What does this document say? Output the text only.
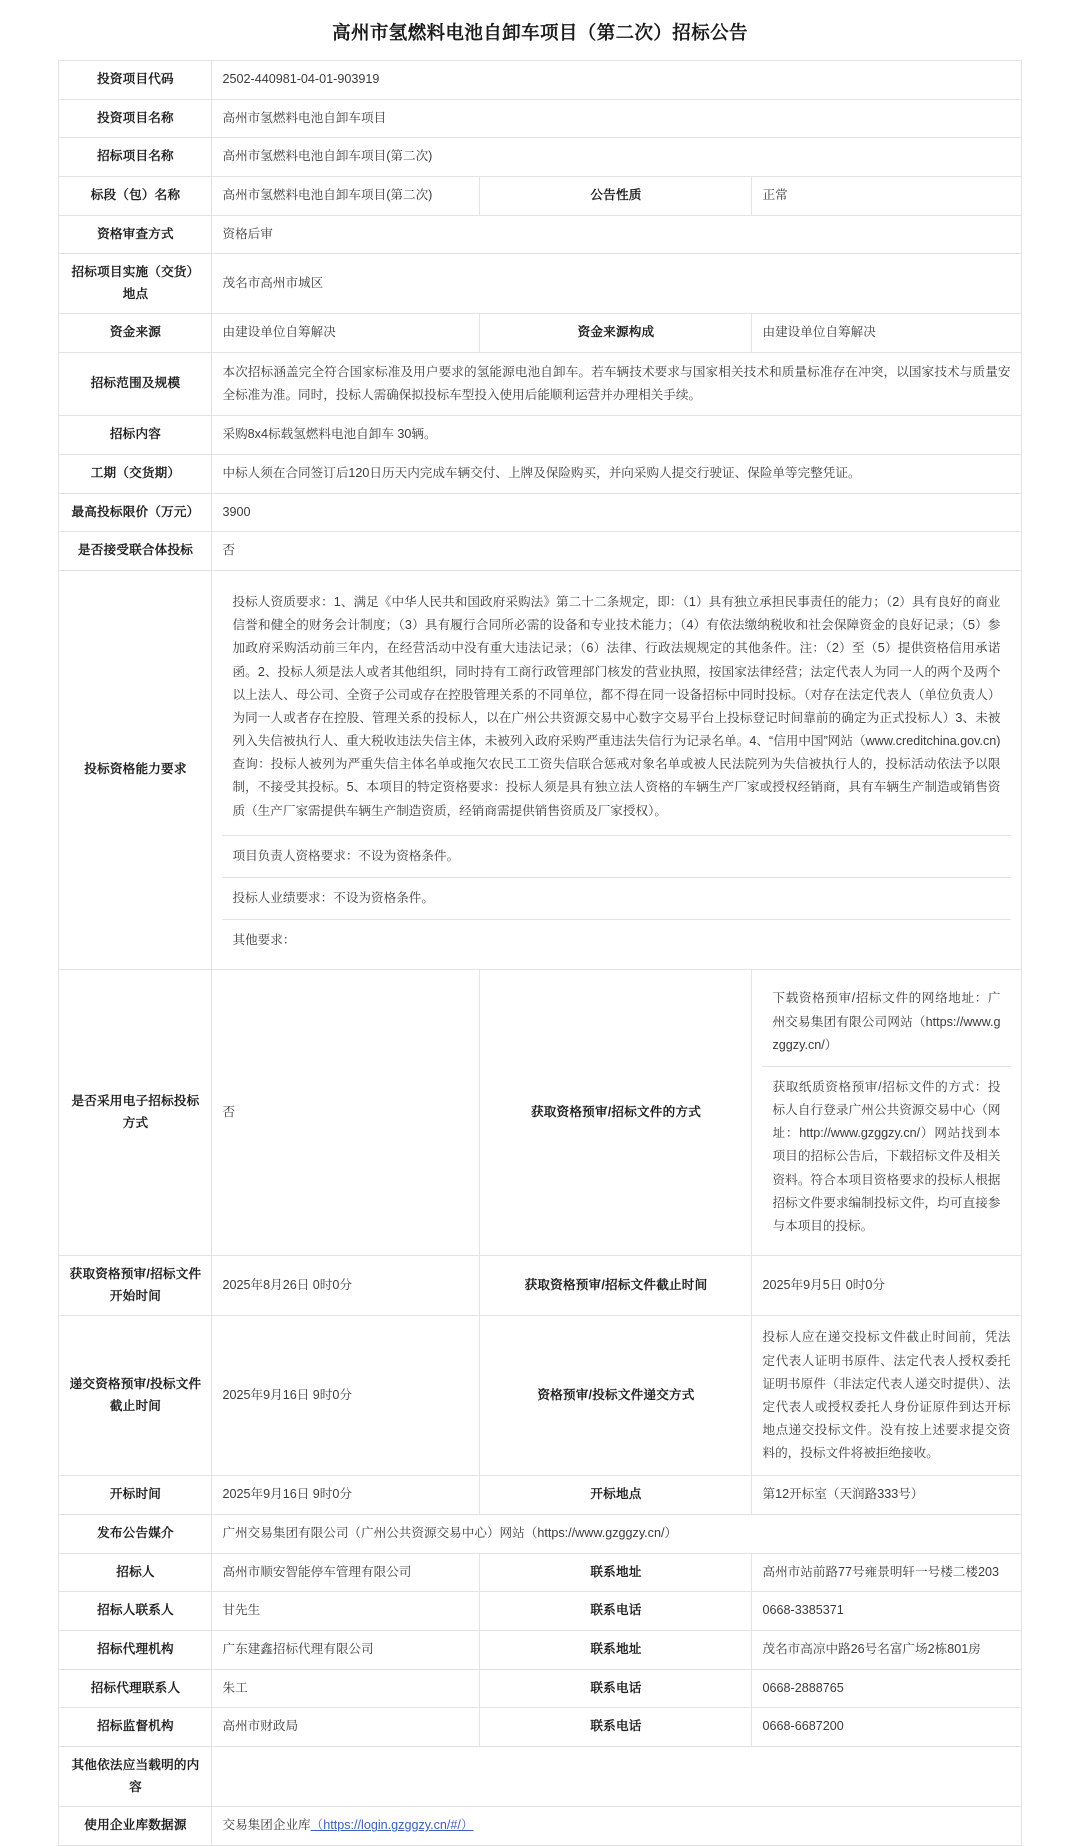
高州市氢燃料电池自卸车项目（第二次）招标公告
投资项目代码	2502-440981-04-01-903919
投资项目名称	高州市氢燃料电池自卸车项目
招标项目名称	高州市氢燃料电池自卸车项目(第二次)
标段（包）名称	高州市氢燃料电池自卸车项目(第二次)	公告性质	正常
资格审查方式	资格后审
招标项目实施（交货）地点	茂名市高州市城区
资金来源	由建设单位自筹解决	资金来源构成	由建设单位自筹解决
招标范围及规模	

本次招标涵盖完全符合国家标准及用户要求的氢能源电池自卸车。若车辆技术要求与国家相关技术和质量标准存在冲突，以国家技术与质量安全标准为准。同时，投标人需确保拟投标车型投入使用后能顺利运营并办理相关手续。

招标内容	采购8x4标载氢燃料电池自卸车 30辆。
工期（交货期）	中标人须在合同签订后120日历天内完成车辆交付、上牌及保险购买，并向采购人提交行驶证、保险单等完整凭证。
最高投标限价（万元）	3900
是否接受联合体投标	否
投标资格能力要求	

投标人资质要求：1、满足《中华人民共和国政府采购法》第二十二条规定，即：（1）具有独立承担民事责任的能力；（2）具有良好的商业信誉和健全的财务会计制度；（3）具有履行合同所必需的设备和专业技术能力；（4）有依法缴纳税收和社会保障资金的良好记录；（5）参加政府采购活动前三年内，在经营活动中没有重大违法记录；（6）法律、行政法规规定的其他条件。注：（2）至（5）提供资格信用承诺函。2、投标人须是法人或者其他组织，同时持有工商行政管理部门核发的营业执照，按国家法律经营；法定代表人为同一人的两个及两个以上法人、母公司、全资子公司或存在控股管理关系的不同单位，都不得在同一设备招标中同时投标。（对存在法定代表人（单位负责人）为同一人或者存在控股、管理关系的投标人，以在广州公共资源交易中心数字交易平台上投标登记时间靠前的确定为正式投标人）3、未被列入失信被执行人、重大税收违法失信主体，未被列入政府采购严重违法失信行为记录名单。4、“信用中国”网站（www.creditchina.gov.cn)查询：投标人被列为严重失信主体名单或拖欠农民工工资失信联合惩戒对象名单或被人民法院列为失信被执行人的，投标活动依法予以限制，不接受其投标。5、本项目的特定资格要求：投标人须是具有独立法人资格的车辆生产厂家或授权经销商，具有车辆生产制造或销售资质（生产厂家需提供车辆生产制造资质，经销商需提供销售资质及厂家授权）。

项目负责人资格要求：不设为资格条件。

投标人业绩要求：不设为资格条件。

其他要求：

是否采用电子招标投标方式	否	获取资格预审/招标文件的方式	

下载资格预审/招标文件的网络地址：广州交易集团有限公司网站（https://www.gzggzy.cn/）

获取纸质资格预审/招标文件的方式：投标人自行登录广州公共资源交易中心（网址：http://www.gzggzy.cn/）网站找到本项目的招标公告后，下载招标文件及相关资料。符合本项目资格要求的投标人根据招标文件要求编制投标文件，均可直接参与本项目的投标。

获取资格预审/招标文件开始时间	2025年8月26日 0时0分	获取资格预审/招标文件截止时间	2025年9月5日 0时0分
递交资格预审/投标文件截止时间	2025年9月16日 9时0分	资格预审/投标文件递交方式	

投标人应在递交投标文件截止时间前，凭法定代表人证明书原件、法定代表人授权委托证明书原件（非法定代表人递交时提供）、法定代表人或授权委托人身份证原件到达开标地点递交投标文件。没有按上述要求提交资料的，投标文件将被拒绝接收。

开标时间	2025年9月16日 9时0分	开标地点	第12开标室（天润路333号）
发布公告媒介	广州交易集团有限公司（广州公共资源交易中心）网站（https://www.gzggzy.cn/）
招标人	高州市顺安智能停车管理有限公司	联系地址	高州市站前路77号雍景明轩一号楼二楼203
招标人联系人	甘先生	联系电话	0668-3385371
招标代理机构	广东建鑫招标代理有限公司	联系地址	茂名市高凉中路26号名富广场2栋801房
招标代理联系人	朱工	联系电话	0668-2888765
招标监督机构	高州市财政局	联系电话	0668-6687200
其他依法应当载明的内容	
使用企业库数据源	交易集团企业库（https://login.gzggzy.cn/#/）
